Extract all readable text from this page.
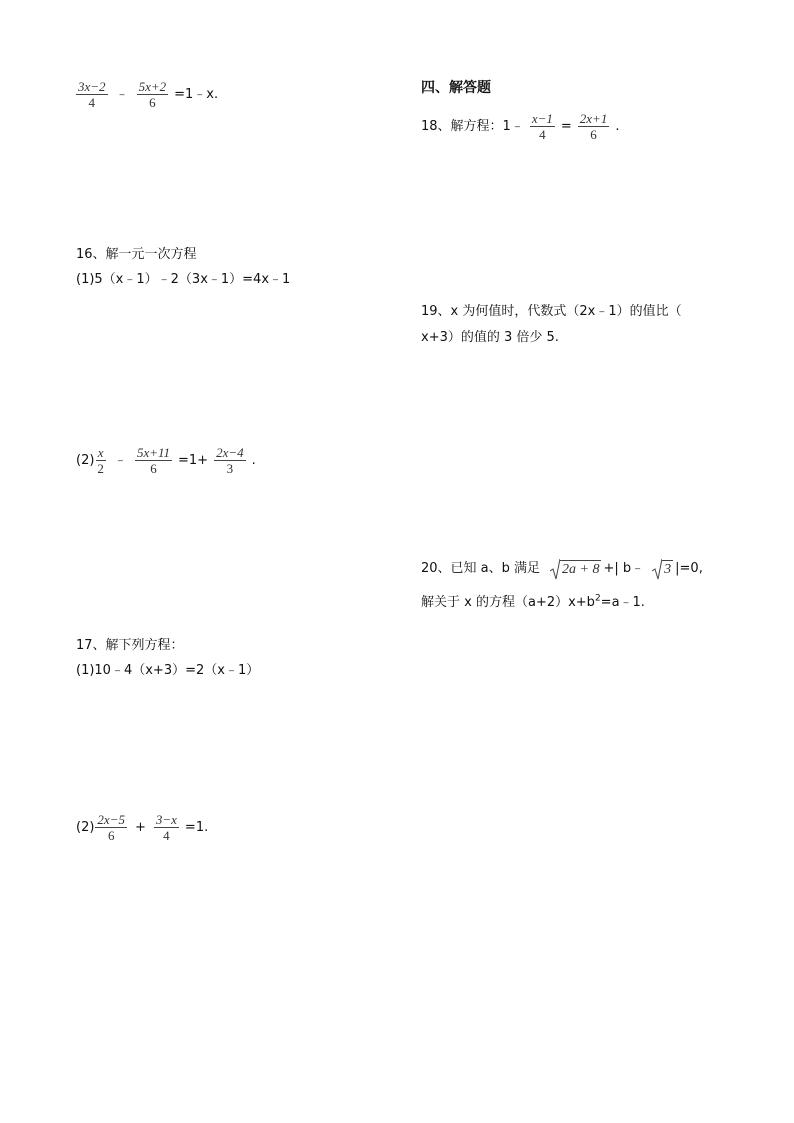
$\frac{3x-2}{4}$ ﹣ $\frac{5x+2}{6}$ =1﹣x.
16、解一元一次方程
(1)5（x﹣1）﹣2（3x﹣1）=4x﹣1
$(2) \frac{x}{2}$ ﹣ $\frac{5x+11}{6} =1+ \frac{2x-4}{3}$ .
17、解下列方程：
(1)10﹣4（x+3）=2（x﹣1）
$(2) \frac{2x-5}{6} + \frac{3-x}{4} =1$.
四、解答题
18、解方程：1﹣ $\frac{x-1}{4} = \frac{2x+1}{6}$ .
19、x 为何值时，代数式（2x﹣1）的值比（
x+3）的值的 3 倍少 5.
20、已知 a、b 满足 2a + 8 +| b﹣ 3 |=0,
解关于 x 的方程$(a+2)x+b^2=a﹣1$.
